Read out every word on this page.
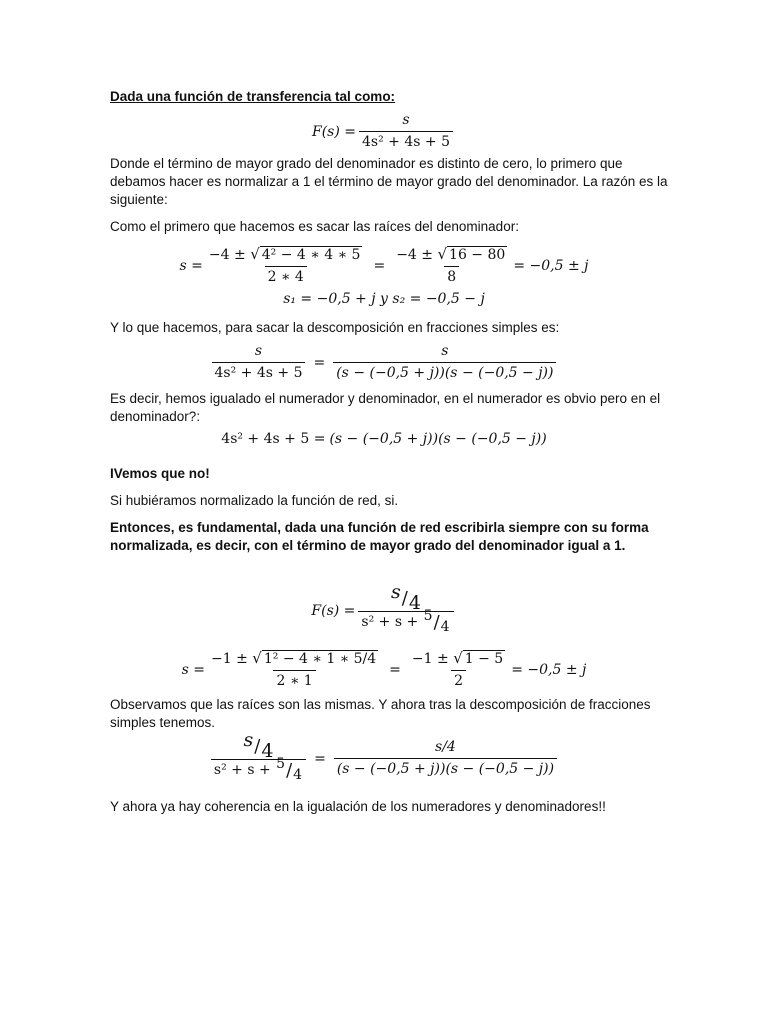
Dada una función de transferencia tal como:

$F(s) = \frac{s}{\text{4s² + 4s + 5}}$

Donde el término de mayor grado del denominador es distinto de cero, lo primero que debamos hacer es normalizar a 1 el término de mayor grado del denominador. La razón es la siguiente:

Como el primero que hacemos es sacar las raíces del denominador:

$s = \frac{\text{−4 ± √ 4² − 4 ∗ 4 ∗ 5}}{2 ∗ 4} = \frac{-4 \pm √ 16 - 80}{8} = -0,5 \pm j$
s₁ = −0,5 + j y s₂ = −0,5 − j

Y lo que hacemos, para sacar la descomposición en fracciones simples es:

$\frac{s}{\text{4s² + 4s + 5}} = \frac{s}{(s - (-0,5 + j))(s - (-0,5 - j))}$

Es decir, hemos igualado el numerador y denominador, en el numerador es obvio pero en el denominador?:

4s² + 4s + 5 = (s − (−0,5 + j))(s − (−0,5 − j))

IVemos que no!

Si hubiéramos normalizado la función de red, si.

Entonces, es fundamental, dada una función de red escribirla siempre con su forma normalizada, es decir, con el término de mayor grado del denominador igual a 1.

$F(s) = \frac{s / 4}{\text{s² + s + 5 / 4}}$
$s = \frac{\text{−1 ± √ 1² − 4 ∗ 1 ∗ 5/4}}{2 ∗ 1} = \frac{-1 \pm √ 1 - 5}{2} = -0,5 \pm j$

Observamos que las raíces son las mismas. Y ahora tras la descomposición de fracciones simples tenemos.

$\frac{s / 4}{\text{s² + s + 5 / 4}} = \frac{s/4}{(s - (-0,5 + j))(s - (-0,5 - j))}$

Y ahora ya hay coherencia en la igualación de los numeradores y denominadores!!
